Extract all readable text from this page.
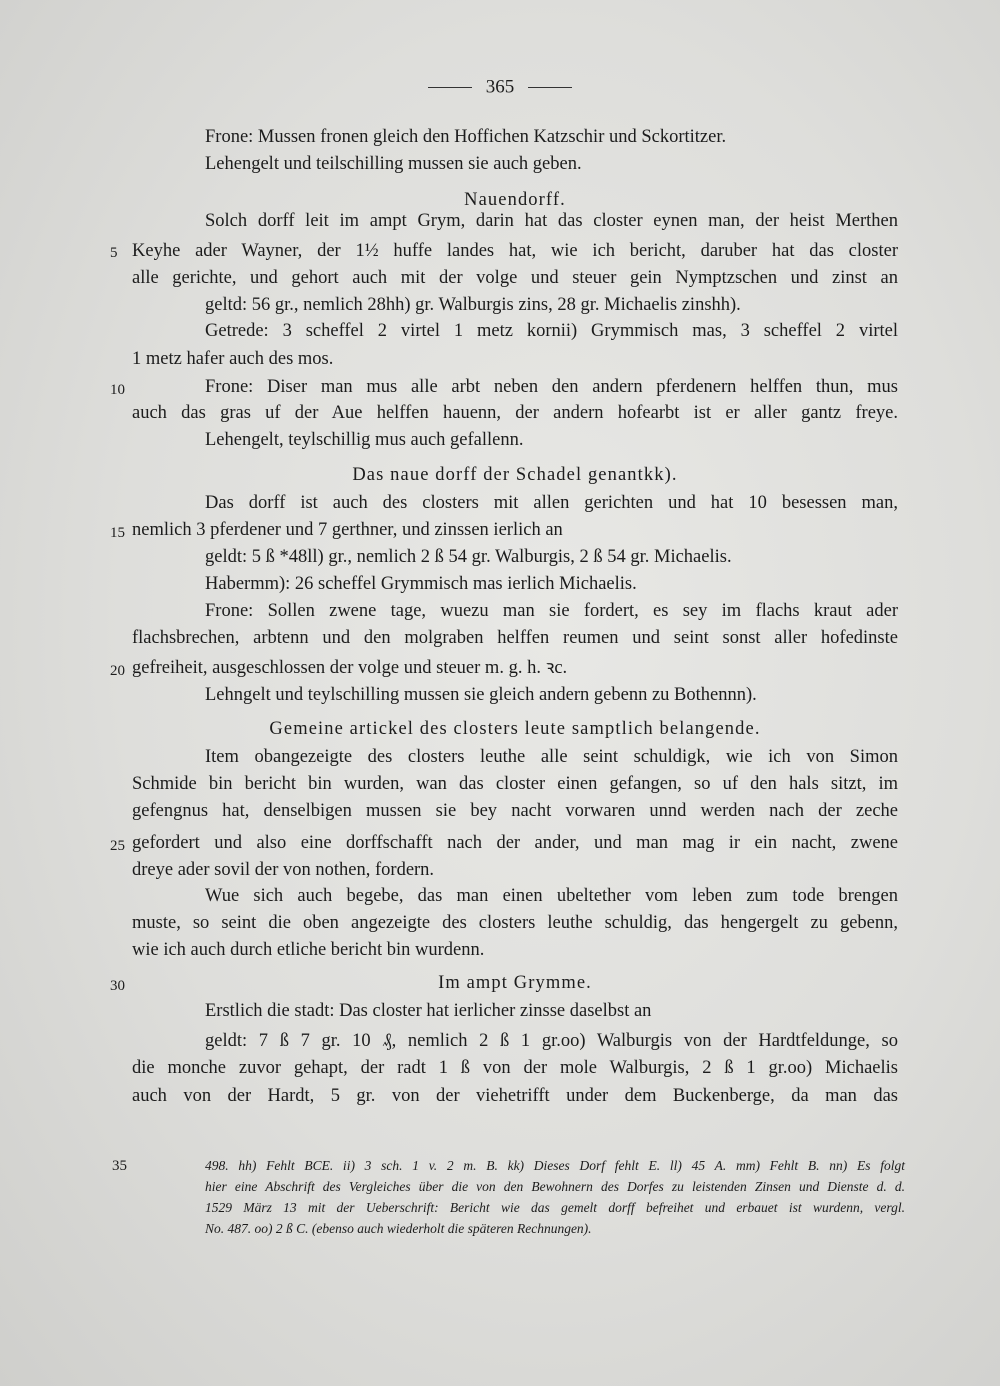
365
5
10
15
20
25
30
Frone: Mussen fronen gleich den Hoffichen Katzschir und Sckortitzer.
Lehengelt und teilschilling mussen sie auch geben.
Nauendorff.
Solch dorff leit im ampt Grym, darin hat das closter eynen man, der heist Merthen
Keyhe ader Wayner, der 1½ huffe landes hat, wie ich bericht, daruber hat das closter
alle gerichte, und gehort auch mit der volge und steuer gein Nymptzschen und zinst an
geltd: 56 gr., nemlich 28hh) gr. Walburgis zins, 28 gr. Michaelis zinshh).
Getrede: 3 scheffel 2 virtel 1 metz kornii) Grymmisch mas, 3 scheffel 2 virtel
1 metz hafer auch des mos.
Frone: Diser man mus alle arbt neben den andern pferdenern helffen thun, mus
auch das gras uf der Aue helffen hauenn, der andern hofearbt ist er aller gantz freye.
Lehengelt, teylschillig mus auch gefallenn.
Das naue dorff der Schadel genantkk).
Das dorff ist auch des closters mit allen gerichten und hat 10 besessen man,
nemlich 3 pferdener und 7 gerthner, und zinssen ierlich an
geldt: 5 ß *48ll) gr., nemlich 2 ß 54 gr. Walburgis, 2 ß 54 gr. Michaelis.
Habermm): 26 scheffel Grymmisch mas ierlich Michaelis.
Frone: Sollen zwene tage, wuezu man sie fordert, es sey im flachs kraut ader
flachsbrechen, arbtenn und den molgraben helffen reumen und seint sonst aller hofedinste
gefreiheit, ausgeschlossen der volge und steuer m. g. h. ꝛc.
Lehngelt und teylschilling mussen sie gleich andern gebenn zu Bothennn).
Gemeine artickel des closters leute samptlich belangende.
Item obangezeigte des closters leuthe alle seint schuldigk, wie ich von Simon
Schmide bin bericht bin wurden, wan das closter einen gefangen, so uf den hals sitzt, im
gefengnus hat, denselbigen mussen sie bey nacht vorwaren unnd werden nach der zeche
gefordert und also eine dorffschafft nach der ander, und man mag ir ein nacht, zwene
dreye ader sovil der von nothen, fordern.
Wue sich auch begebe, das man einen ubeltether vom leben zum tode brengen
muste, so seint die oben angezeigte des closters leuthe schuldig, das hengergelt zu gebenn,
wie ich auch durch etliche bericht bin wurdenn.
Im ampt Grymme.
Erstlich die stadt: Das closter hat ierlicher zinsse daselbst an
geldt: 7 ß 7 gr. 10 ₰, nemlich 2 ß 1 gr.oo) Walburgis von der Hardtfeldunge, so
die monche zuvor gehapt, der radt 1 ß von der mole Walburgis, 2 ß 1 gr.oo) Michaelis
auch von der Hardt, 5 gr. von der viehetrifft under dem Buckenberge, da man das
35	498. hh) Fehlt BCE. ii) 3 sch. 1 v. 2 m. B. kk) Dieses Dorf fehlt E. ll) 45 A. mm) Fehlt B. nn) Es folgt
hier eine Abschrift des Vergleiches über die von den Bewohnern des Dorfes zu leistenden Zinsen und Dienste d. d.
1529 März 13 mit der Ueberschrift: Bericht wie das gemelt dorff befreihet und erbauet ist wurdenn, vergl.
No. 487. oo) 2 ß C. (ebenso auch wiederholt die späteren Rechnungen).
